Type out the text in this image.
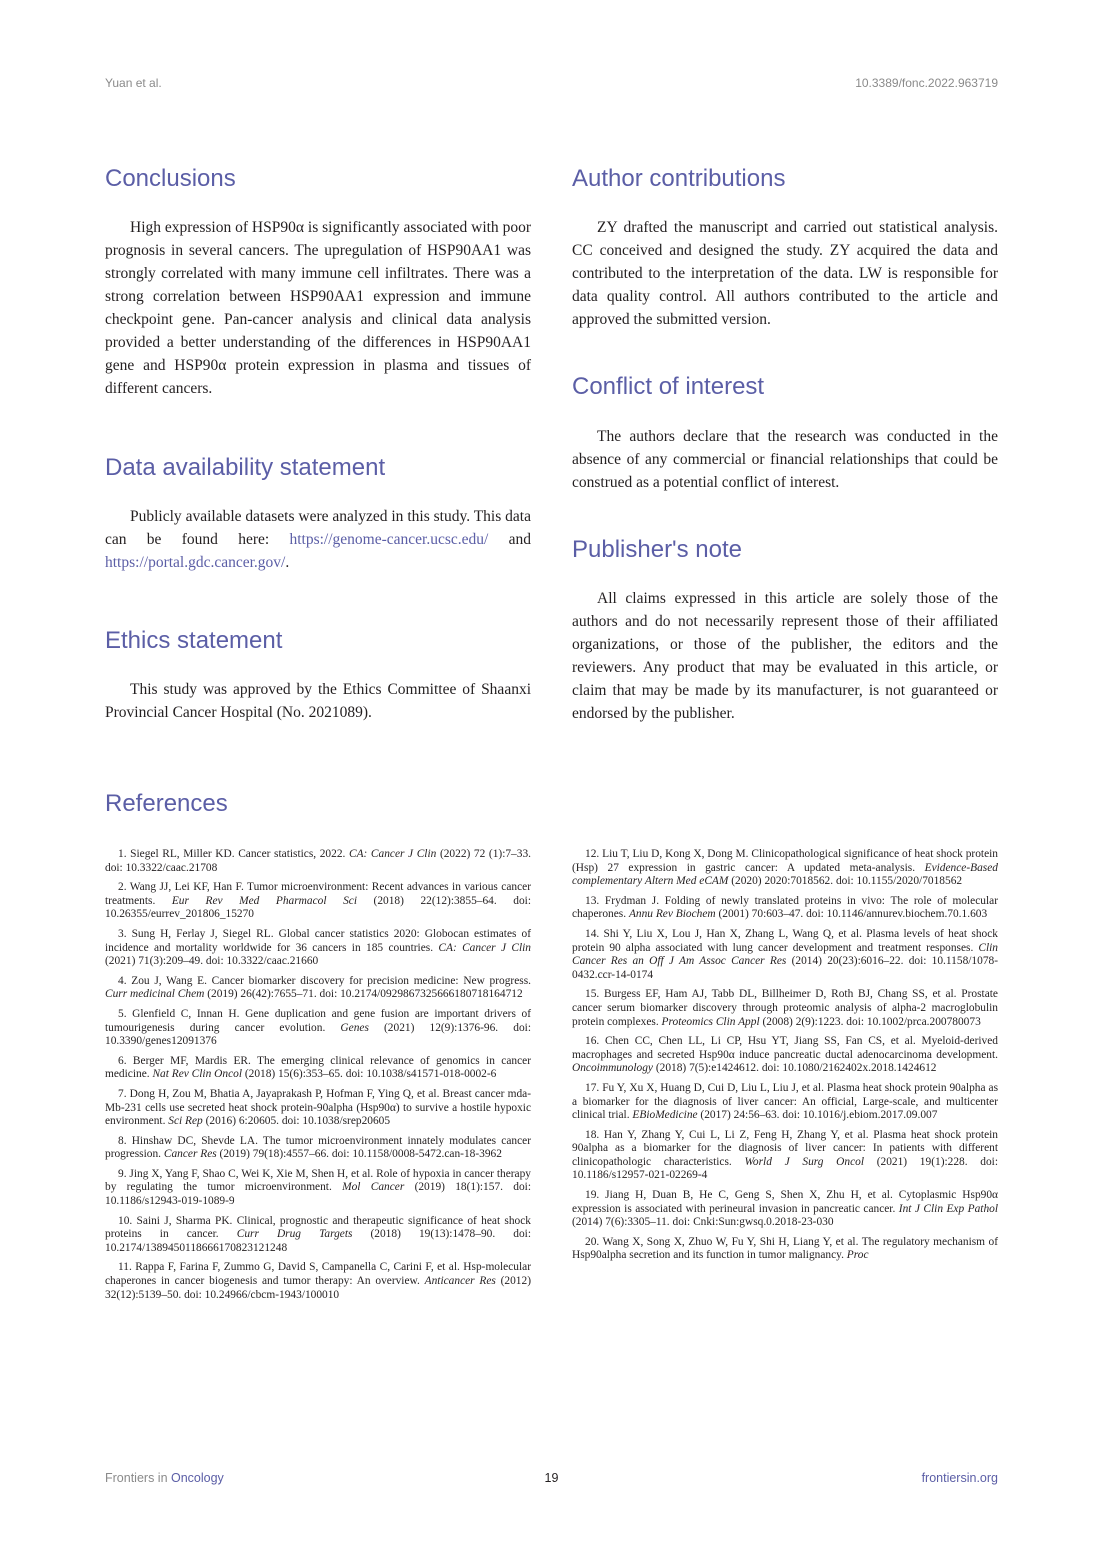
Yuan et al.	10.3389/fonc.2022.963719
Conclusions

High expression of HSP90α is significantly associated with poor prognosis in several cancers. The upregulation of HSP90AA1 was strongly correlated with many immune cell infiltrates. There was a strong correlation between HSP90AA1 expression and immune checkpoint gene. Pan-cancer analysis and clinical data analysis provided a better understanding of the differences in HSP90AA1 gene and HSP90α protein expression in plasma and tissues of different cancers.

Data availability statement

Publicly available datasets were analyzed in this study. This data can be found here: https://genome-cancer.ucsc.edu/ and https://portal.gdc.cancer.gov/.

Ethics statement

This study was approved by the Ethics Committee of Shaanxi Provincial Cancer Hospital (No. 2021089).

Author contributions

ZY drafted the manuscript and carried out statistical analysis. CC conceived and designed the study. ZY acquired the data and contributed to the interpretation of the data. LW is responsible for data quality control. All authors contributed to the article and approved the submitted version.

Conflict of interest

The authors declare that the research was conducted in the absence of any commercial or financial relationships that could be construed as a potential conflict of interest.

Publisher's note

All claims expressed in this article are solely those of the authors and do not necessarily represent those of their affiliated organizations, or those of the publisher, the editors and the reviewers. Any product that may be evaluated in this article, or claim that may be made by its manufacturer, is not guaranteed or endorsed by the publisher.

References

1. Siegel RL, Miller KD. Cancer statistics, 2022. CA: Cancer J Clin (2022) 72 (1):7–33. doi: 10.3322/caac.21708

2. Wang JJ, Lei KF, Han F. Tumor microenvironment: Recent advances in various cancer treatments. Eur Rev Med Pharmacol Sci (2018) 22(12):3855–64. doi: 10.26355/eurrev_201806_15270

3. Sung H, Ferlay J, Siegel RL. Global cancer statistics 2020: Globocan estimates of incidence and mortality worldwide for 36 cancers in 185 countries. CA: Cancer J Clin (2021) 71(3):209–49. doi: 10.3322/caac.21660

4. Zou J, Wang E. Cancer biomarker discovery for precision medicine: New progress. Curr medicinal Chem (2019) 26(42):7655–71. doi: 10.2174/0929867325666180718164712

5. Glenfield C, Innan H. Gene duplication and gene fusion are important drivers of tumourigenesis during cancer evolution. Genes (2021) 12(9):1376-96. doi: 10.3390/genes12091376

6. Berger MF, Mardis ER. The emerging clinical relevance of genomics in cancer medicine. Nat Rev Clin Oncol (2018) 15(6):353–65. doi: 10.1038/s41571-018-0002-6

7. Dong H, Zou M, Bhatia A, Jayaprakash P, Hofman F, Ying Q, et al. Breast cancer mda-Mb-231 cells use secreted heat shock protein-90alpha (Hsp90α) to survive a hostile hypoxic environment. Sci Rep (2016) 6:20605. doi: 10.1038/srep20605

8. Hinshaw DC, Shevde LA. The tumor microenvironment innately modulates cancer progression. Cancer Res (2019) 79(18):4557–66. doi: 10.1158/0008-5472.can-18-3962

9. Jing X, Yang F, Shao C, Wei K, Xie M, Shen H, et al. Role of hypoxia in cancer therapy by regulating the tumor microenvironment. Mol Cancer (2019) 18(1):157. doi: 10.1186/s12943-019-1089-9

10. Saini J, Sharma PK. Clinical, prognostic and therapeutic significance of heat shock proteins in cancer. Curr Drug Targets (2018) 19(13):1478–90. doi: 10.2174/1389450118666170823121248

11. Rappa F, Farina F, Zummo G, David S, Campanella C, Carini F, et al. Hsp-molecular chaperones in cancer biogenesis and tumor therapy: An overview. Anticancer Res (2012) 32(12):5139–50. doi: 10.24966/cbcm-1943/100010

12. Liu T, Liu D, Kong X, Dong M. Clinicopathological significance of heat shock protein (Hsp) 27 expression in gastric cancer: A updated meta-analysis. Evidence-Based complementary Altern Med eCAM (2020) 2020:7018562. doi: 10.1155/2020/7018562

13. Frydman J. Folding of newly translated proteins in vivo: The role of molecular chaperones. Annu Rev Biochem (2001) 70:603–47. doi: 10.1146/annurev.biochem.70.1.603

14. Shi Y, Liu X, Lou J, Han X, Zhang L, Wang Q, et al. Plasma levels of heat shock protein 90 alpha associated with lung cancer development and treatment responses. Clin Cancer Res an Off J Am Assoc Cancer Res (2014) 20(23):6016–22. doi: 10.1158/1078-0432.ccr-14-0174

15. Burgess EF, Ham AJ, Tabb DL, Billheimer D, Roth BJ, Chang SS, et al. Prostate cancer serum biomarker discovery through proteomic analysis of alpha-2 macroglobulin protein complexes. Proteomics Clin Appl (2008) 2(9):1223. doi: 10.1002/prca.200780073

16. Chen CC, Chen LL, Li CP, Hsu YT, Jiang SS, Fan CS, et al. Myeloid-derived macrophages and secreted Hsp90α induce pancreatic ductal adenocarcinoma development. Oncoimmunology (2018) 7(5):e1424612. doi: 10.1080/2162402x.2018.1424612

17. Fu Y, Xu X, Huang D, Cui D, Liu L, Liu J, et al. Plasma heat shock protein 90alpha as a biomarker for the diagnosis of liver cancer: An official, Large-scale, and multicenter clinical trial. EBioMedicine (2017) 24:56–63. doi: 10.1016/j.ebiom.2017.09.007

18. Han Y, Zhang Y, Cui L, Li Z, Feng H, Zhang Y, et al. Plasma heat shock protein 90alpha as a biomarker for the diagnosis of liver cancer: In patients with different clinicopathologic characteristics. World J Surg Oncol (2021) 19(1):228. doi: 10.1186/s12957-021-02269-4

19. Jiang H, Duan B, He C, Geng S, Shen X, Zhu H, et al. Cytoplasmic Hsp90α expression is associated with perineural invasion in pancreatic cancer. Int J Clin Exp Pathol (2014) 7(6):3305–11. doi: Cnki:Sun:gwsq.0.2018-23-030

20. Wang X, Song X, Zhuo W, Fu Y, Shi H, Liang Y, et al. The regulatory mechanism of Hsp90alpha secretion and its function in tumor malignancy. Proc

Frontiers in Oncology	19	frontiersin.org
